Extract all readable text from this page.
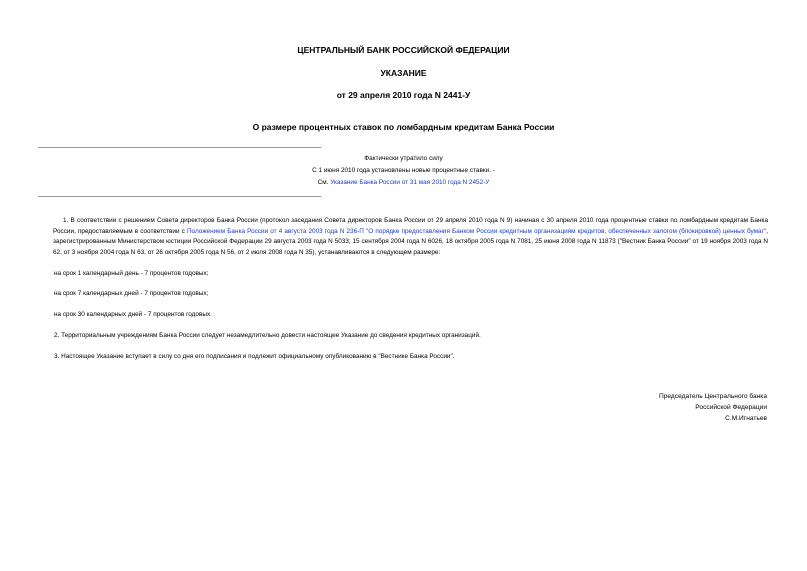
ЦЕНТРАЛЬНЫЙ БАНК РОССИЙСКОЙ ФЕДЕРАЦИИ
УКАЗАНИЕ
от 29 апреля 2010 года N 2441-У
О размере процентных ставок по ломбардным кредитам Банка России
Фактически утратило силу
С 1 июня 2010 года установлены новые процентные ставки. -
См. Указание Банка России от 31 мая 2010 года N 2452-У
1. В соответствии с решением Совета директоров Банка России (протокол заседания Совета директоров Банка России от 29 апреля 2010 года N 9) начиная с 30 апреля 2010 года процентные ставки по ломбардным кредитам Банка России, предоставляемым в соответствии с Положением Банка России от 4 августа 2003 года N 236-П "О порядке предоставления Банком России кредитным организациям кредитов, обеспеченных залогом (блокировкой) ценных бумаг", зарегистрированным Министерством юстиции Российской Федерации 29 августа 2003 года N 5033; 15 сентября 2004 года N 6026, 18 октября 2005 года N 7081, 25 июня 2008 года N 11873 ("Вестник Банка России" от 19 ноября 2003 года N 62, от 3 ноября 2004 года N 63, от 26 октября 2005 года N 56, от 2 июля 2008 года N 35), устанавливаются в следующем размере:
на срок 1 календарный день - 7 процентов годовых;
на срок 7 календарных дней - 7 процентов годовых;
на срок 30 календарных дней - 7 процентов годовых.
2. Территориальным учреждениям Банка России следует незамедлительно довести настоящее Указание до сведения кредитных организаций.
3. Настоящее Указание вступает в силу со дня его подписания и подлежит официальному опубликованию в "Вестнике Банка России".
Председатель Центрального банка
Российской Федерации
С.М.Игнатьев
